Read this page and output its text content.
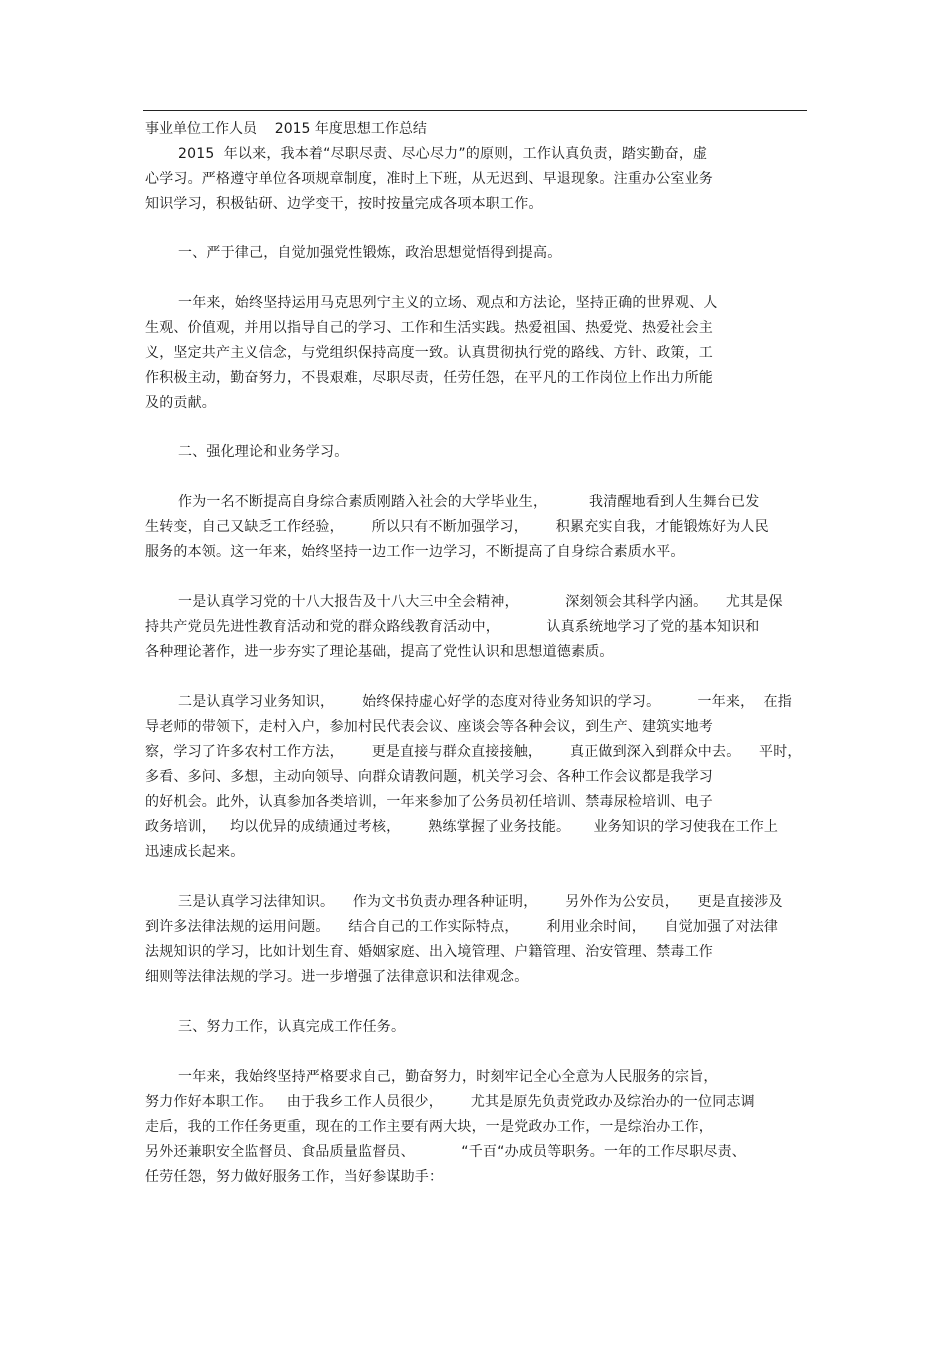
事业单位工作人员    2015 年度思想工作总结
2015  年以来，我本着“尽职尽责、尽心尽力”的原则，工作认真负责，踏实勤奋，虚
心学习。严格遵守单位各项规章制度，准时上下班，从无迟到、早退现象。注重办公室业务
知识学习，积极钻研、边学变干，按时按量完成各项本职工作。
一、严于律己，自觉加强党性锻炼，政治思想觉悟得到提高。
一年来，始终坚持运用马克思列宁主义的立场、观点和方法论，坚持正确的世界观、人
生观、价值观，并用以指导自己的学习、工作和生活实践。热爱祖国、热爱党、热爱社会主
义，坚定共产主义信念，与党组织保持高度一致。认真贯彻执行党的路线、方针、政策，工
作积极主动，勤奋努力，不畏艰难，尽职尽责，任劳任怨，在平凡的工作岗位上作出力所能
及的贡献。
二、强化理论和业务学习。
作为一名不断提高自身综合素质刚踏入社会的大学毕业生，         我清醒地看到人生舞台已发
生转变，自己又缺乏工作经验，      所以只有不断加强学习，      积累充实自我，才能锻炼好为人民
服务的本领。这一年来，始终坚持一边工作一边学习，不断提高了自身综合素质水平。
一是认真学习党的十八大报告及十八大三中全会精神，          深刻领会其科学内涵。    尤其是保
持共产党员先进性教育活动和党的群众路线教育活动中，          认真系统地学习了党的基本知识和
各种理论著作，进一步夯实了理论基础，提高了党性认识和思想道德素质。
二是认真学习业务知识，      始终保持虚心好学的态度对待业务知识的学习。        一年来，  在指
导老师的带领下，走村入户，参加村民代表会议、座谈会等各种会议，到生产、建筑实地考
察，学习了许多农村工作方法，      更是直接与群众直接接触，      真正做到深入到群众中去。    平时，
多看、多问、多想，主动向领导、向群众请教问题，机关学习会、各种工作会议都是我学习
的好机会。此外，认真参加各类培训，一年来参加了公务员初任培训、禁毒尿检培训、电子
政务培训，   均以优异的成绩通过考核，      熟练掌握了业务技能。     业务知识的学习使我在工作上
迅速成长起来。
三是认真学习法律知识。    作为文书负责办理各种证明，      另外作为公安员，    更是直接涉及
到许多法律法规的运用问题。    结合自己的工作实际特点，      利用业余时间，    自觉加强了对法律
法规知识的学习，比如计划生育、婚姻家庭、出入境管理、户籍管理、治安管理、禁毒工作
细则等法律法规的学习。进一步增强了法律意识和法律观念。
三、努力工作，认真完成工作任务。
一年来，我始终坚持严格要求自己，勤奋努力，时刻牢记全心全意为人民服务的宗旨，
努力作好本职工作。   由于我乡工作人员很少，      尤其是原先负责党政办及综治办的一位同志调
走后，我的工作任务更重，现在的工作主要有两大块，一是党政办工作，一是综治办工作，
另外还兼职安全监督员、食品质量监督员、          “千百“办成员等职务。一年的工作尽职尽责、
任劳任怨，努力做好服务工作，当好参谋助手：
